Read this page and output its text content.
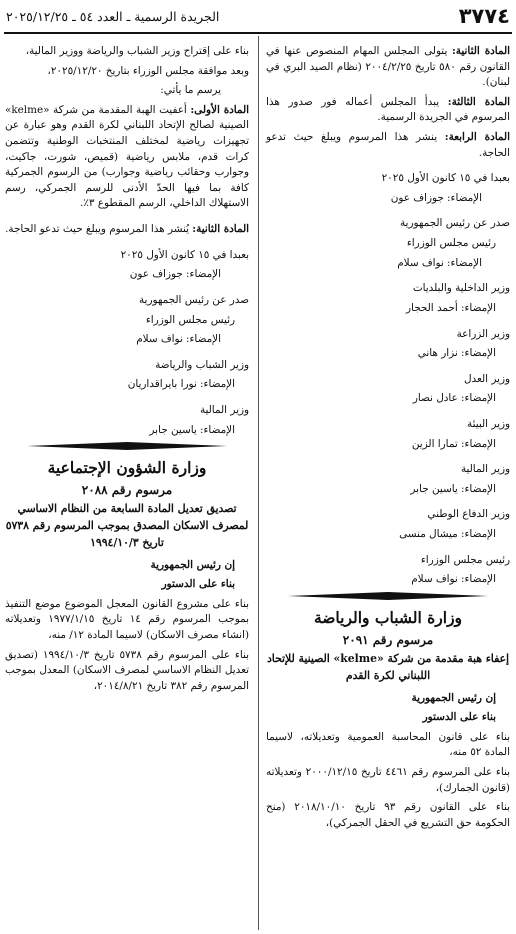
٣٧٧٤
الجريدة الرسمية ـ العدد ٥٤ ـ ٢٠٢٥/١٢/٢٥

المادة الثانية: يتولى المجلس المهام المنصوص عنها في القانون رقم ٥٨٠ تاريخ ٢٠٠٤/٢/٢٥ (نظام الصيد البري في لبنان).

المادة الثالثة: يبدأ المجلس أعماله فور صدور هذا المرسوم في الجريدة الرسمية.

المادة الرابعة: ينشر هذا المرسوم ويبلغ حيث تدعو الحاجة.

بعبدا في ١٥ كانون الأول ٢٠٢٥

الإمضاء: جوزاف عون

صدر عن رئيس الجمهورية

رئيس مجلس الوزراء

الإمضاء: نواف سلام

وزير الداخلية والبلديات

الإمضاء: أحمد الحجار

وزير الزراعة

الإمضاء: نزار هاني

وزير العدل

الإمضاء: عادل نصار

وزير البيئة

الإمضاء: تمارا الزين

وزير المالية

الإمضاء: ياسين جابر

وزير الدفاع الوطني

الإمضاء: ميشال منسى

رئيس مجلس الوزراء

الإمضاء: نواف سلام

وزارة الشباب والرياضة
مرسوم رقم ٢٠٩١
إعفاء هبة مقدمة من شركة «kelme» الصينية للإتحاد اللبناني لكرة القدم

إن رئيس الجمهورية

بناء على الدستور

بناء على قانون المحاسبة العمومية وتعديلاته، لاسيما المادة ٥٢ منه،

بناء على المرسوم رقم ٤٤٦١ تاريخ ٢٠٠٠/١٢/١٥ وتعديلاته (قانون الجمارك)،

بناء على القانون رقم ٩٣ تاريخ ٢٠١٨/١٠/١٠ (منح الحكومة حق التشريع في الحقل الجمركي)،

بناء على إقتراح وزير الشباب والرياضة ووزير المالية،

وبعد موافقة مجلس الوزراء بتاريخ ٢٠٢٥/١٢/٢٠،

يرسم ما يأتي:

المادة الأولى: أعفيت الهبة المقدمة من شركة «kelme» الصينية لصالح الإتحاد اللبناني لكرة القدم وهو عبارة عن تجهيزات رياضية لمختلف المنتخبات الوطنية وتتضمن كرات قدم، ملابس رياضية (قميص، شورت، جاكيت، وجوارب وحقائب رياضية وجوارب) من الرسوم الجمركية كافة بما فيها الحدّ الأدنى للرسم الجمركي، رسم الاستهلاك الداخلي، الرسم المقطوع ٣٪.

المادة الثانية: يُنشر هذا المرسوم ويبلغ حيث تدعو الحاجة.

بعبدا في ١٥ كانون الأول ٢٠٢٥

الإمضاء: جوزاف عون

صدر عن رئيس الجمهورية

رئيس مجلس الوزراء

الإمضاء: نواف سلام

وزير الشباب والرياضة

الإمضاء: نورا بايراقداريان

وزير المالية

الإمضاء: ياسين جابر

وزارة الشؤون الإجتماعية
مرسوم رقم ٢٠٨٨
تصديق تعديل المادة السابعة من النظام الاساسي لمصرف الاسكان المصدق بموجب المرسوم رقم ٥٧٣٨ تاريخ ١٩٩٤/١٠/٣

إن رئيس الجمهورية

بناء على الدستور

بناء على مشروع القانون المعجل الموضوع موضع التنفيذ بموجب المرسوم رقم ١٤ تاريخ ١٩٧٧/١/١٥ وتعديلاته (انشاء مصرف الاسكان) لاسيما المادة ١٢/ منه،

بناء على المرسوم رقم ٥٧٣٨ تاريخ ١٩٩٤/١٠/٣ (تصديق تعديل النظام الاساسي لمصرف الاسكان) المعدل بموجب المرسوم رقم ٣٨٢ تاريخ ٢٠١٤/٨/٢١،
